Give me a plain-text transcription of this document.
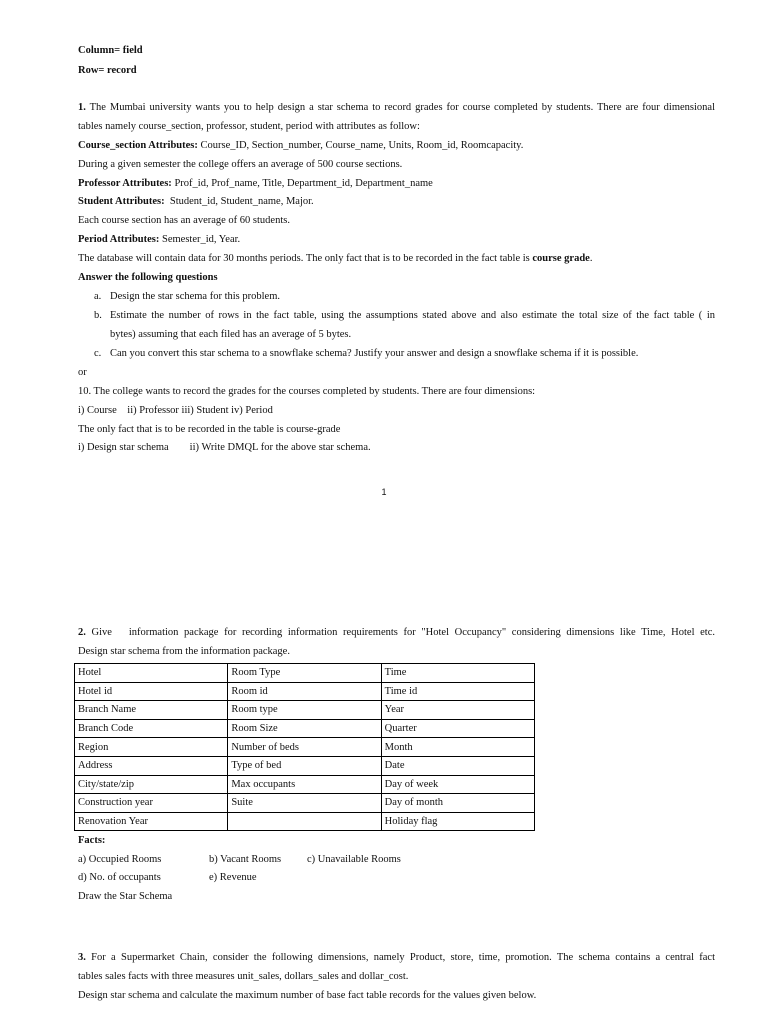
Column= field
Row= record
1. The Mumbai university wants you to help design a star schema to record grades for course completed by students. There are four dimensional
tables namely course_section, professor, student, period with attributes as follow:
Course_section Attributes: Course_ID, Section_number, Course_name, Units, Room_id, Roomcapacity.
During a given semester the college offers an average of 500 course sections.
Professor Attributes: Prof_id, Prof_name, Title, Department_id, Department_name
Student Attributes: Student_id, Student_name, Major.
Each course section has an average of 60 students.
Period Attributes: Semester_id, Year.
The database will contain data for 30 months periods. The only fact that is to be recorded in the fact table is course grade.
Answer the following questions
a. Design the star schema for this problem.
b. Estimate the number of rows in the fact table, using the assumptions stated above and also estimate the total size of the fact table ( in
bytes) assuming that each filed has an average of 5 bytes.
c. Can you convert this star schema to a snowflake schema? Justify your answer and design a snowflake schema if it is possible.
or
10. The college wants to record the grades for the courses completed by students. There are four dimensions:
i) Course    ii) Professor iii) Student iv) Period
The only fact that is to be recorded in the table is course-grade
i) Design star schema        ii) Write DMQL for the above star schema.
1
2. Give   information package for recording information requirements for "Hotel Occupancy" considering dimensions like Time, Hotel etc.
Design star schema from the information package.
Hotel	Room Type	Time
Hotel id	Room id	Time id
Branch Name	Room type	Year
Branch Code	Room Size	Quarter
Region	Number of beds	Month
Address	Type of bed	Date
City/state/zip	Max occupants	Day of week
Construction year	Suite	Day of month
Renovation Year		Holiday flag
Facts:
a) Occupied Rooms	b) Vacant Rooms c) Unavailable Rooms
d) No. of occupants	e) Revenue
Draw the Star Schema
3. For a Supermarket Chain, consider the following dimensions, namely Product, store, time, promotion. The schema contains a central fact
tables sales facts with three measures unit_sales, dollars_sales and dollar_cost.
Design star schema and calculate the maximum number of base fact table records for the values given below.
